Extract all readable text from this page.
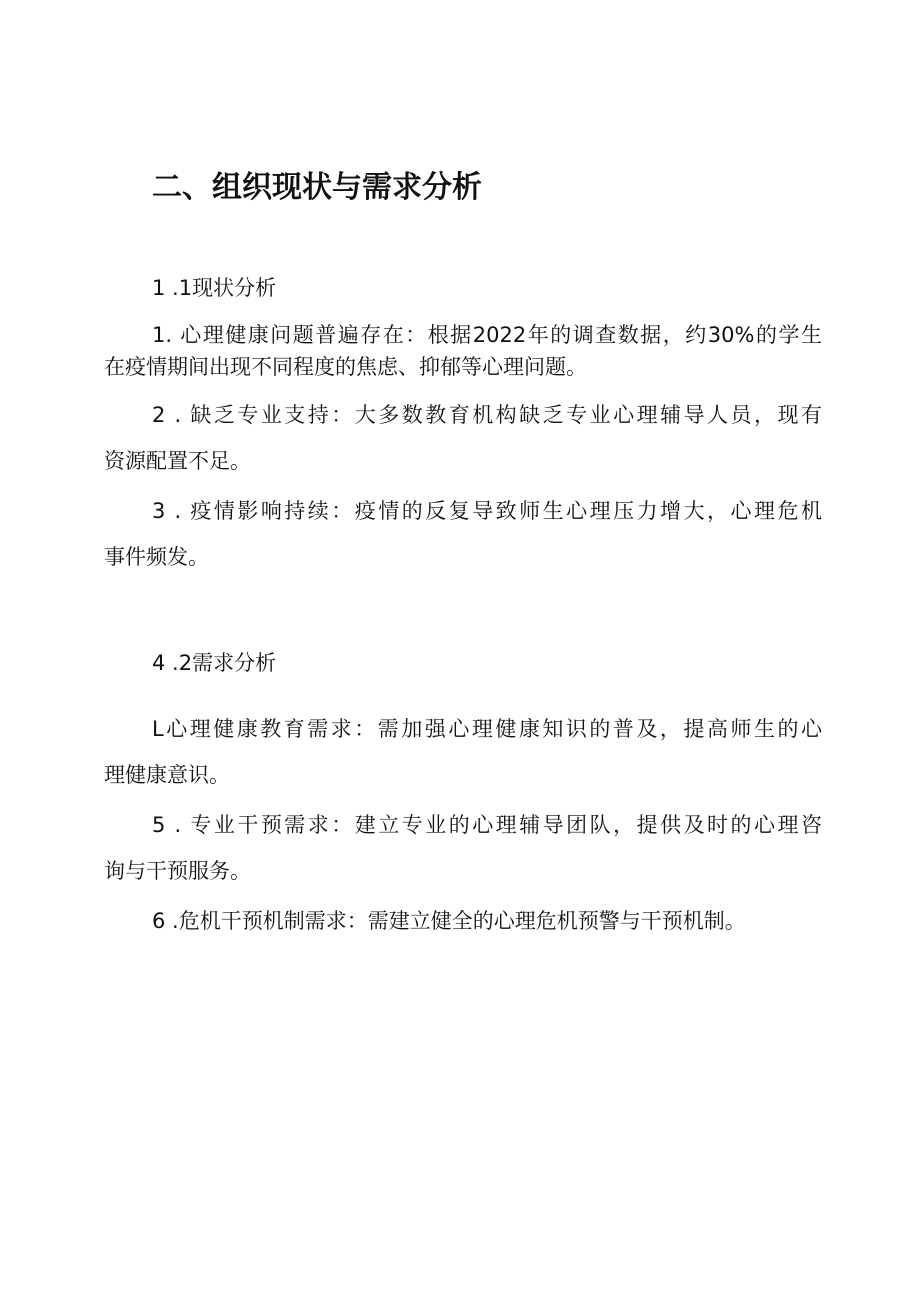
二、组织现状与需求分析
1 .1现状分析
1. 心理健康问题普遍存在：根据2022年的调查数据，约30%的学生
在疫情期间出现不同程度的焦虑、抑郁等心理问题。
2 . 缺乏专业支持：大多数教育机构缺乏专业心理辅导人员，现有
资源配置不足。
3 . 疫情影响持续：疫情的反复导致师生心理压力增大，心理危机
事件频发。
4 .2需求分析
L心理健康教育需求：需加强心理健康知识的普及，提高师生的心
理健康意识。
5 . 专业干预需求：建立专业的心理辅导团队，提供及时的心理咨
询与干预服务。
6 .危机干预机制需求：需建立健全的心理危机预警与干预机制。
